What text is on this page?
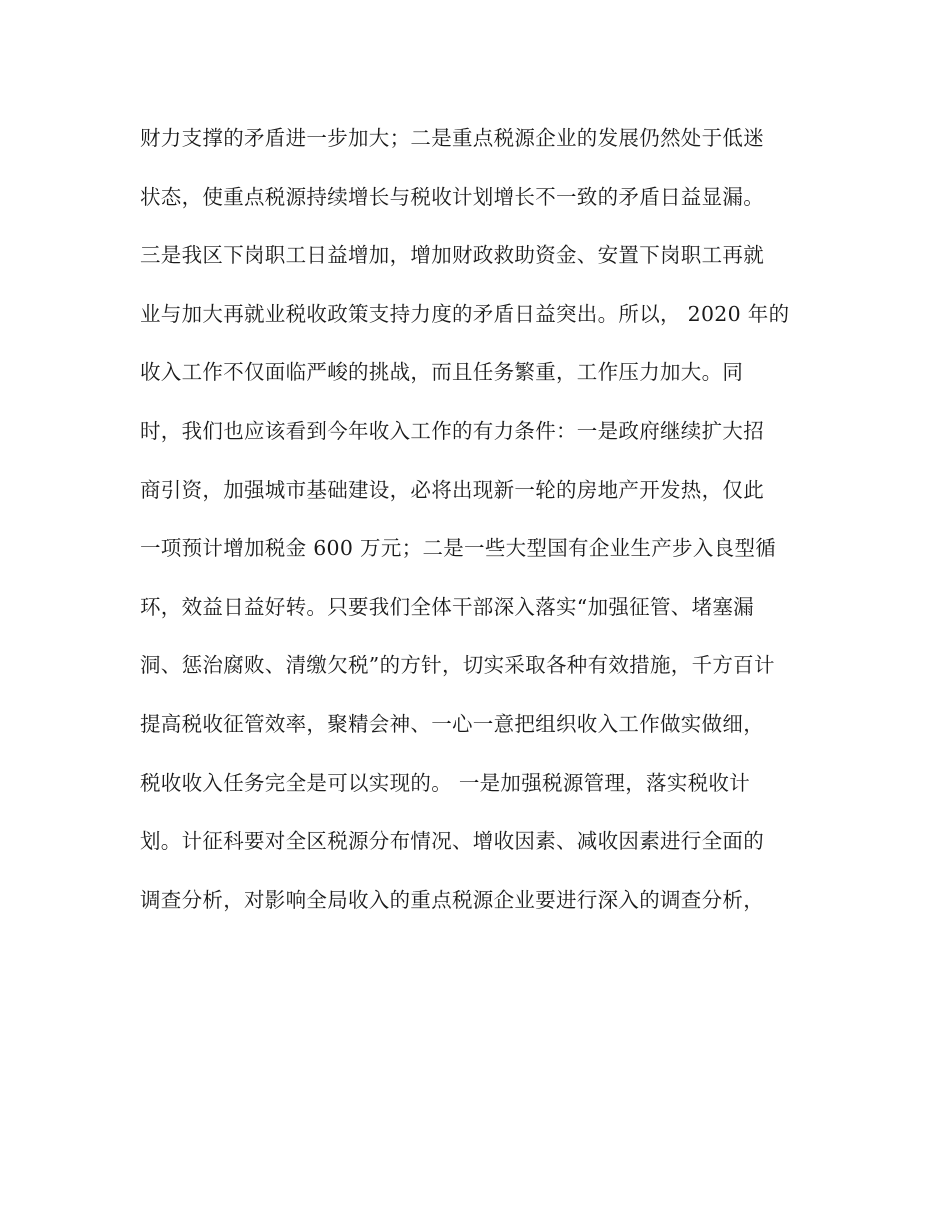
财力支撑的矛盾进一步加大；二是重点税源企业的发展仍然处于低迷
状态，使重点税源持续增长与税收计划增长不一致的矛盾日益显漏。
三是我区下岗职工日益增加，增加财政救助资金、安置下岗职工再就
业与加大再就业税收政策支持力度的矛盾日益突出。所以， 2020 年的
收入工作不仅面临严峻的挑战，而且任务繁重，工作压力加大。同
时，我们也应该看到今年收入工作的有力条件：一是政府继续扩大招
商引资，加强城市基础建设，必将出现新一轮的房地产开发热，仅此
一项预计增加税金 600 万元；二是一些大型国有企业生产步入良型循
环，效益日益好转。只要我们全体干部深入落实“加强征管、堵塞漏
洞、惩治腐败、清缴欠税”的方针，切实采取各种有效措施，千方百计
提高税收征管效率，聚精会神、一心一意把组织收入工作做实做细，
税收收入任务完全是可以实现的。 一是加强税源管理，落实税收计
划。计征科要对全区税源分布情况、增收因素、减收因素进行全面的
调查分析，对影响全局收入的重点税源企业要进行深入的调查分析，
